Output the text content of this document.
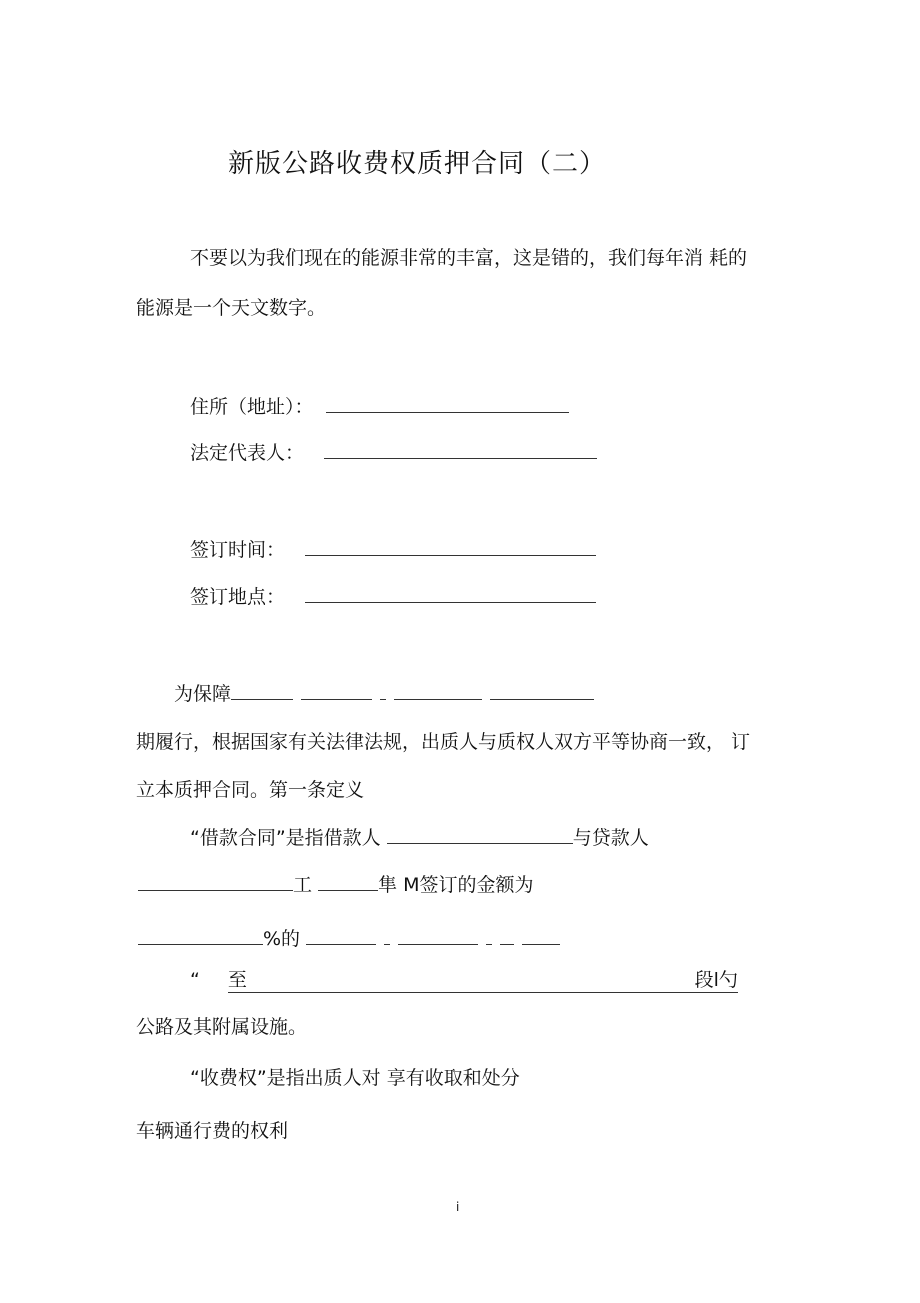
新版公路收费权质押合同（二）
不要以为我们现在的能源非常的丰富，这是错的，我们每年消 耗的
能源是一个天文数字。
住所（地址）：
法定代表人：
签订时间：
签订地点：
为保障
期履行，根据国家有关法律法规，出质人与质权人双方平等协商一致， 订
立本质押合同。第一条定义
“借款合同”是指借款人	与贷款人
工	隼 M签订的金额为
%的
“ 至	段l勺
公路及其附属设施。
“收费权”是指出质人对 享有收取和处分
车辆通行费的权利
i
